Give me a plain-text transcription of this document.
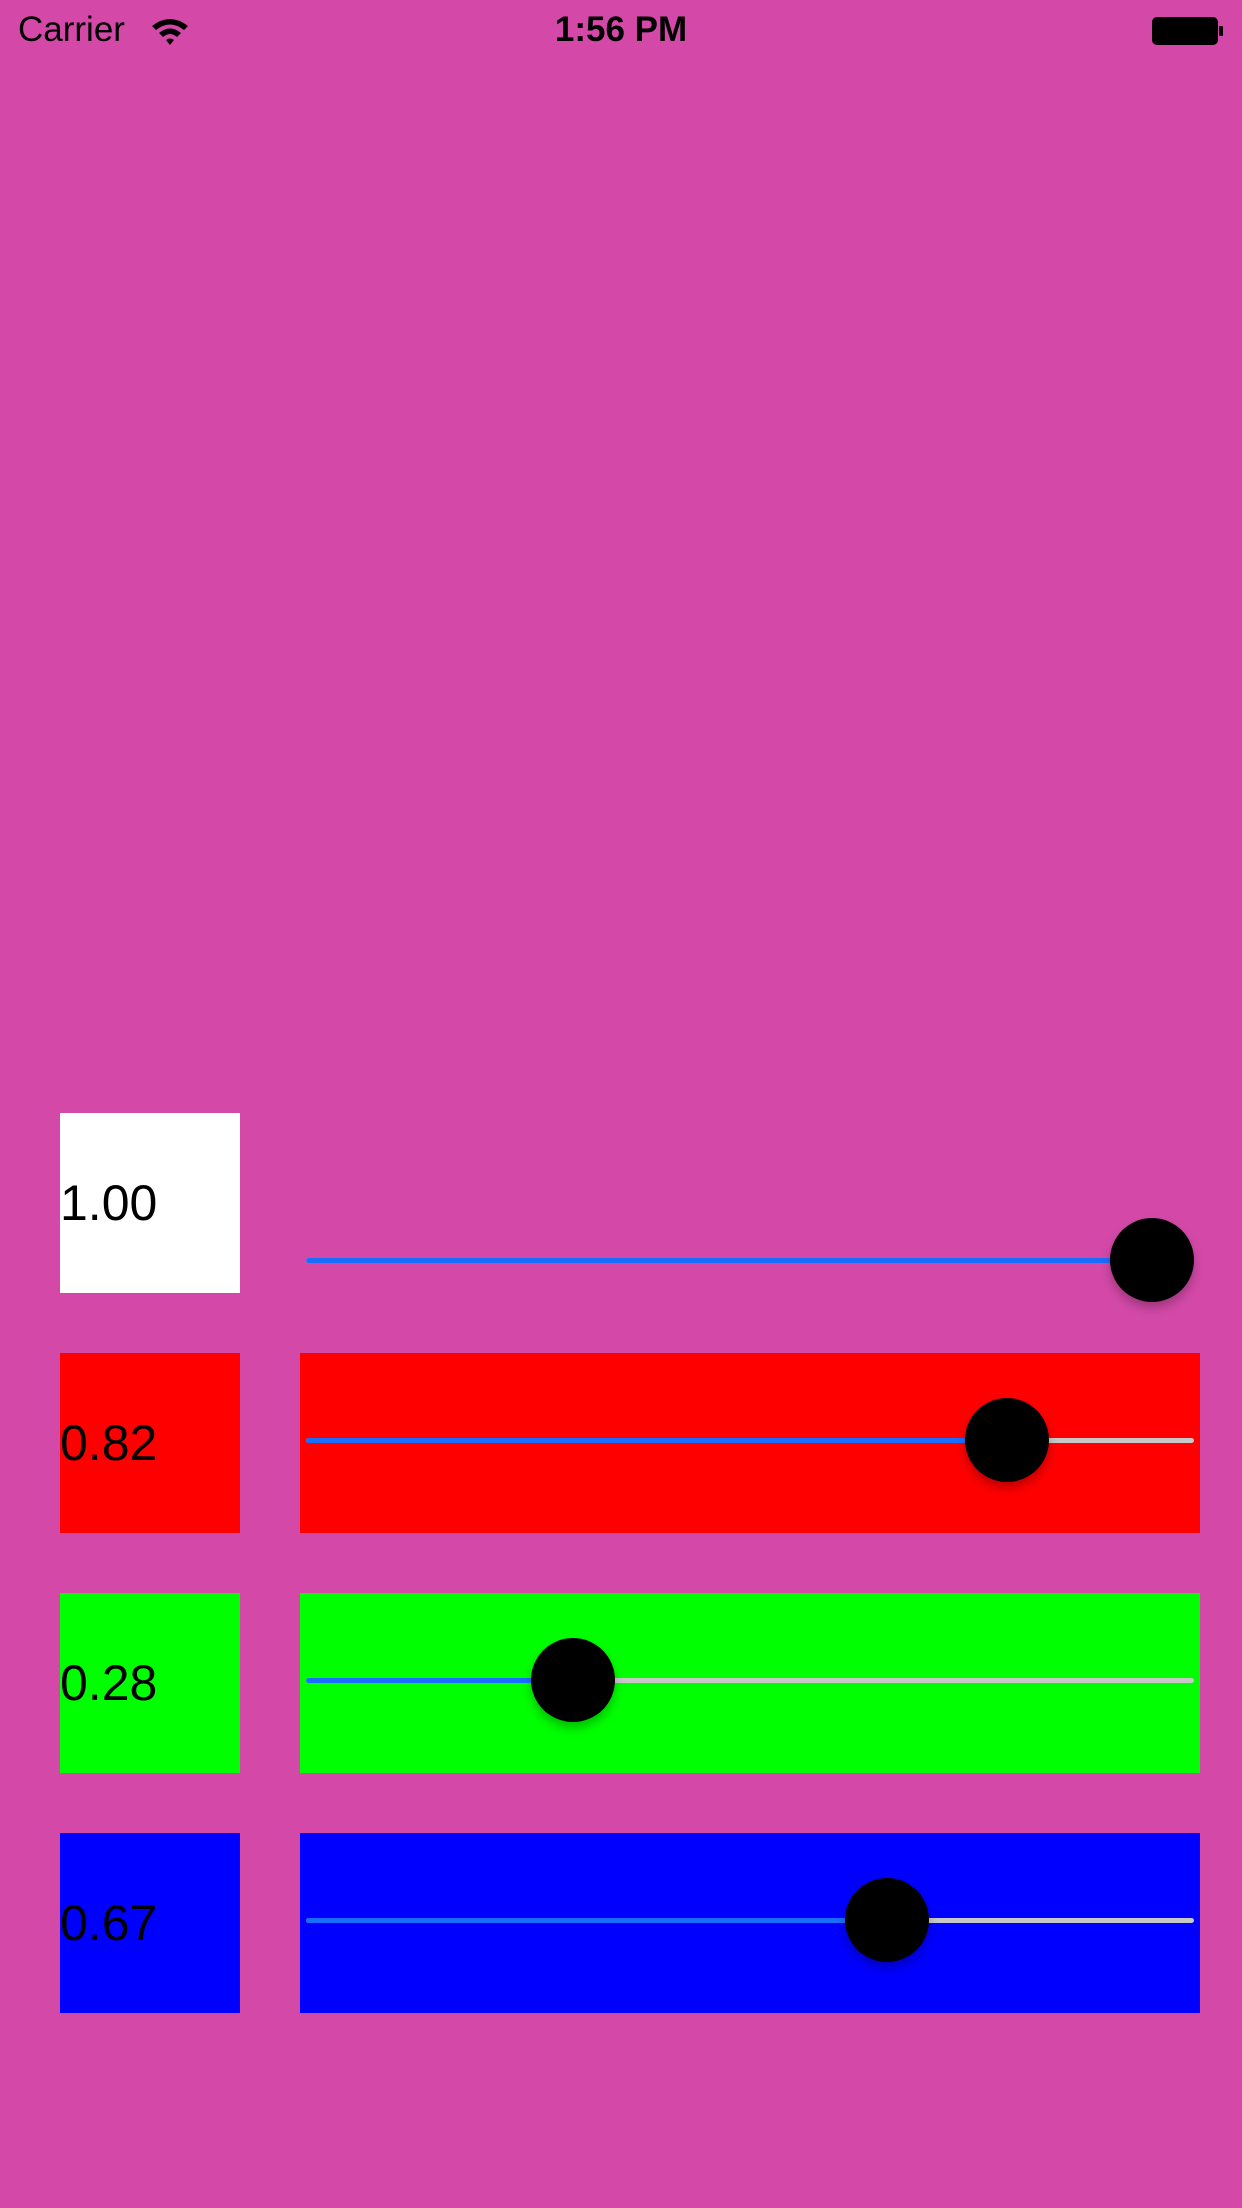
Carrier	1:56 PM
1.00
0.82
0.28
0.67
